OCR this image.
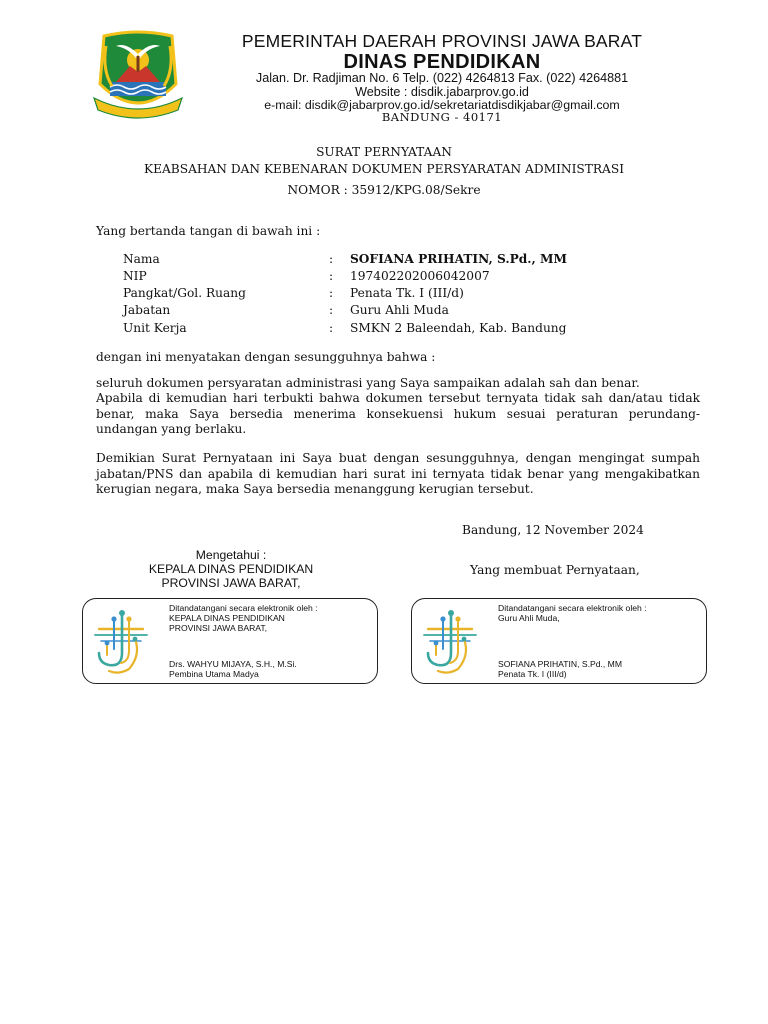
PEMERINTAH DAERAH PROVINSI JAWA BARAT

DINAS PENDIDIKAN

Jalan. Dr. Radjiman No. 6 Telp. (022) 4264813 Fax. (022) 4264881

Website : disdik.jabarprov.go.id

e-mail: disdik@jabarprov.go.id/sekretariatdisdikjabar@gmail.com

BANDUNG - 40171

SURAT PERNYATAAN

KEABSAHAN DAN KEBENARAN DOKUMEN PERSYARATAN ADMINISTRASI

NOMOR : 35912/KPG.08/Sekre

Yang bertanda tangan di bawah ini :

Nama	: SOFIANA PRIHATIN, S.Pd., MM
NIP	: 197402202006042007
Pangkat/Gol. Ruang	: Penata Tk. I (III/d)
Jabatan	: Guru Ahli Muda
Unit Kerja	: SMKN 2 Baleendah, Kab. Bandung

dengan ini menyatakan dengan sesungguhnya bahwa :

seluruh dokumen persyaratan administrasi yang Saya sampaikan adalah sah dan benar.

Apabila di kemudian hari terbukti bahwa dokumen tersebut ternyata tidak sah dan/atau tidak benar, maka Saya bersedia menerima konsekuensi hukum sesuai peraturan perundang-undangan yang berlaku.

Demikian Surat Pernyataan ini Saya buat dengan sesungguhnya, dengan mengingat sumpah jabatan/PNS dan apabila di kemudian hari surat ini ternyata tidak benar yang mengakibatkan kerugian negara, maka Saya bersedia menanggung kerugian tersebut.

Bandung, 12 November 2024

Mengetahui :
KEPALA DINAS PENDIDIKAN
PROVINSI JAWA BARAT,

Yang membuat Pernyataan,

Ditandatangani secara elektronik oleh :
KEPALA DINAS PENDIDIKAN
PROVINSI JAWA BARAT,
Drs. WAHYU MIJAYA, S.H., M.Si.
Pembina Utama Madya
Ditandatangani secara elektronik oleh :
Guru Ahli Muda,
SOFIANA PRIHATIN, S.Pd., MM
Penata Tk. I (III/d)
